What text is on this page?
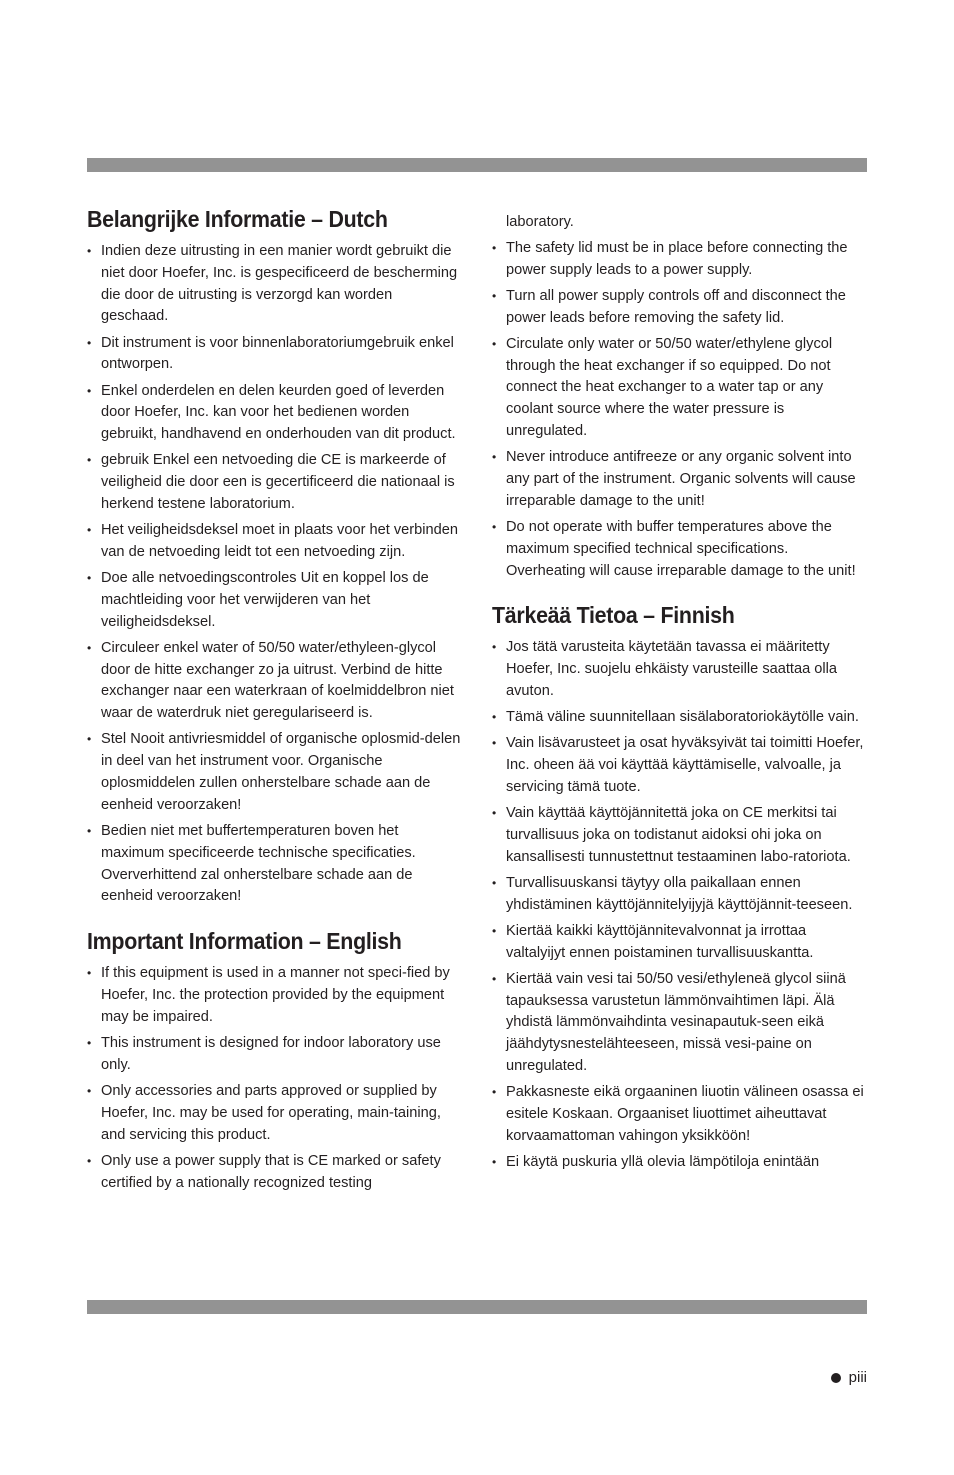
Belangrijke Informatie – Dutch
• Indien deze uitrusting in een manier wordt gebruikt die niet door Hoefer, Inc. is gespecificeerd de bescherming die door de uitrusting is verzorgd kan worden geschaad.
• Dit instrument is voor binnenlaboratoriumgebruik enkel ontworpen.
• Enkel onderdelen en delen keurden goed of leverden door Hoefer, Inc. kan voor het bedienen worden gebruikt, handhavend en onderhouden van dit product.
• gebruik Enkel een netvoeding die CE is markeerde of veiligheid die door een is gecertificeerd die nationaal is herkend testene laboratorium.
• Het veiligheidsdeksel moet in plaats voor het verbinden van de netvoeding leidt tot een netvoeding zijn.
• Doe alle netvoedingscontroles Uit en koppel los de machtleiding voor het verwijderen van het veiligheidsdeksel.
• Circuleer enkel water of 50/50 water/ethyleen-glycol door de hitte exchanger zo ja uitrust. Verbind de hitte exchanger naar een waterkraan of koelmiddelbron niet waar de waterdruk niet geregulariseerd is.
• Stel Nooit antivriesmiddel of organische oplosmid-delen in deel van het instrument voor. Organische oplosmiddelen zullen onherstelbare schade aan de eenheid veroorzaken!
• Bedien niet met buffertemperaturen boven het maximum specificeerde technische specificaties. Oververhittend zal onherstelbare schade aan de eenheid veroorzaken!
Important Information – English
• If this equipment is used in a manner not speci-fied by Hoefer, Inc. the protection provided by the equipment may be impaired.
• This instrument is designed for indoor laboratory use only.
• Only accessories and parts approved or supplied by Hoefer, Inc. may be used for operating, main-taining, and servicing this product.
• Only use a power supply that is CE marked or safety certified by a nationally recognized testing
laboratory.
• The safety lid must be in place before connecting the power supply leads to a power supply.
• Turn all power supply controls off and disconnect the power leads before removing the safety lid.
• Circulate only water or 50/50 water/ethylene glycol through the heat exchanger if so equipped. Do not connect the heat exchanger to a water tap or any coolant source where the water pressure is unregulated.
• Never introduce antifreeze or any organic solvent into any part of the instrument. Organic solvents will cause irreparable damage to the unit!
• Do not operate with buffer temperatures above the maximum specified technical specifications. Overheating will cause irreparable damage to the unit!
Tärkeää Tietoa – Finnish
• Jos tätä varusteita käytetään tavassa ei määritetty Hoefer, Inc. suojelu ehkäisty varusteille saattaa olla avuton.
• Tämä väline suunnitellaan sisälaboratoriokäytölle vain.
• Vain lisävarusteet ja osat hyväksyivät tai toimitti Hoefer, Inc. oheen ää voi käyttää käyttämiselle, valvoalle, ja servicing tämä tuote.
• Vain käyttää käyttöjännitettä joka on CE merkitsi tai turvallisuus joka on todistanut aidoksi ohi joka on kansallisesti tunnustettnut testaaminen labo-ratoriota.
• Turvallisuuskansi täytyy olla paikallaan ennen yhdistäminen käyttöjännitelyijyjä käyttöjännit-teeseen.
• Kiertää kaikki käyttöjännitevalvonnat ja irrottaa valtalyijyt ennen poistaminen turvallisuuskantta.
• Kiertää vain vesi tai 50/50 vesi/ethylenеä glycol siinä tapauksessa varustetun lämmönvaihtimen läpi. Älä yhdistä lämmönvaihdinta vesinapautuk-seen eikä jäähdytysnestelähteeseen, missä vesi-paine on unregulated.
• Pakkasneste eikä orgaaninen liuotin välineen osassa ei esitele Koskaan. Orgaaniset liuottimet aiheuttavat korvaamattoman vahingon yksikköön!
• Ei käytä puskuria yllä olevia lämpötiloja enintään
piii
